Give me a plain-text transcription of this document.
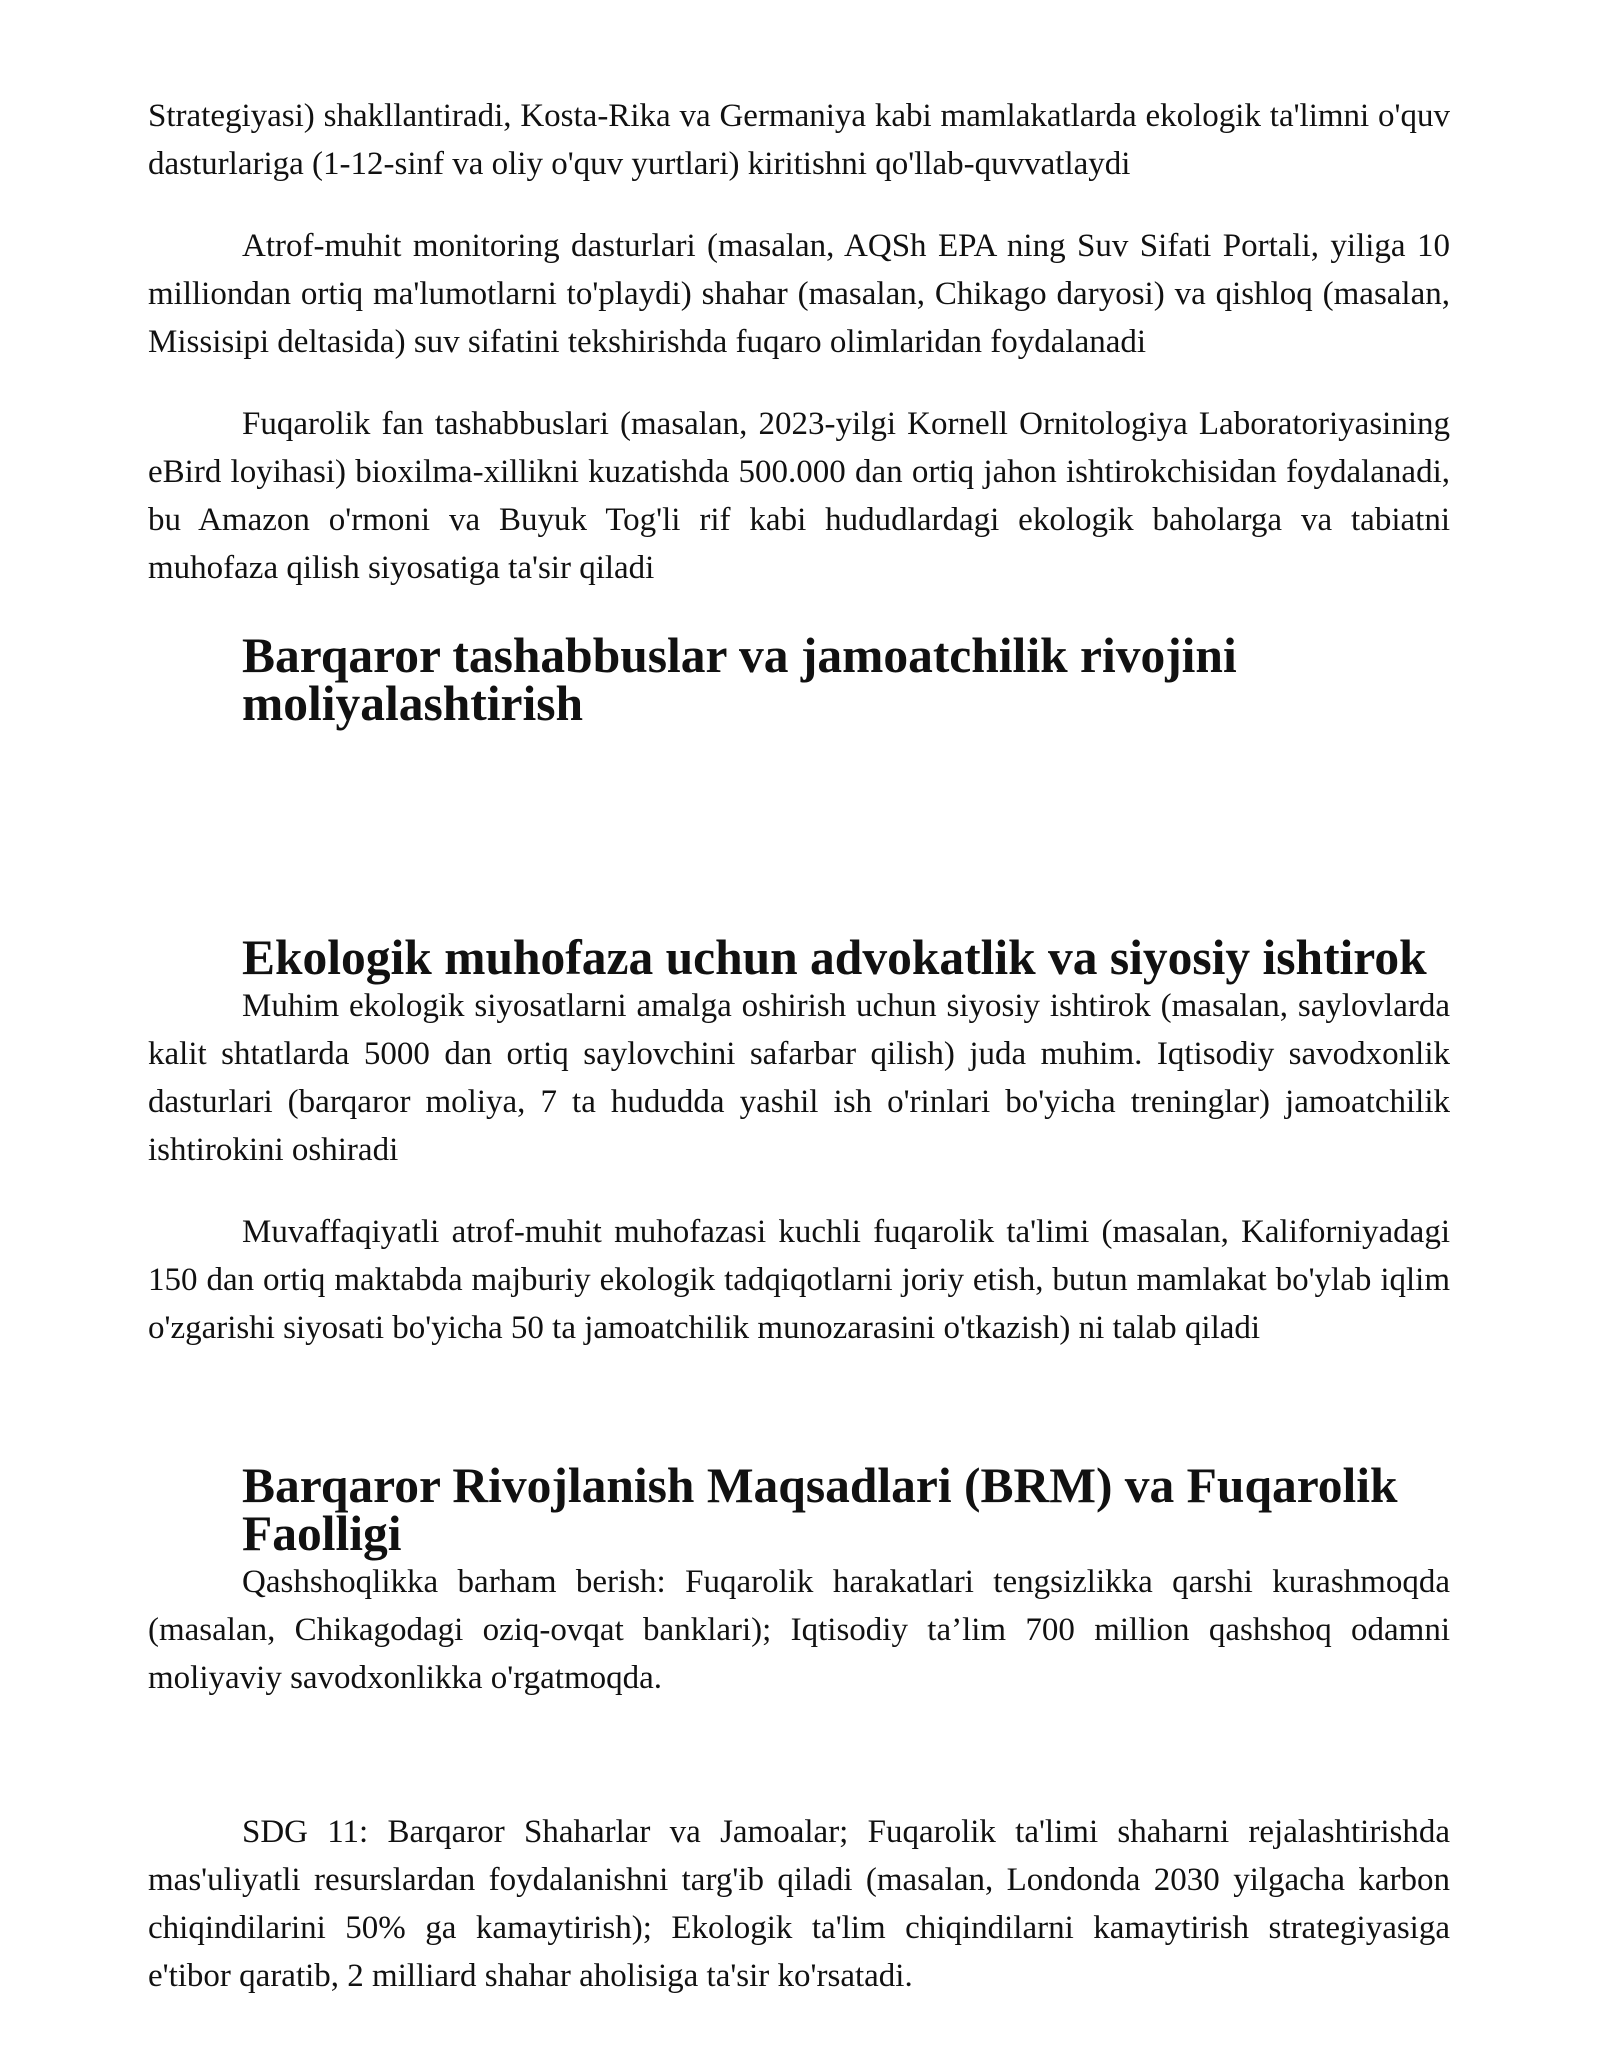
Strategiyasi) shakllantiradi, Kosta-Rika va Germaniya kabi mamlakatlarda ekologik ta'limni o'quv dasturlariga (1-12-sinf va oliy o'quv yurtlari) kiritishni qo'llab-quvvatlaydi

Atrof-muhit monitoring dasturlari (masalan, AQSh EPA ning Suv Sifati Portali, yiliga 10 milliondan ortiq ma'lumotlarni to'playdi) shahar (masalan, Chikago daryosi) va qishloq (masalan, Missisipi deltasida) suv sifatini tekshirishda fuqaro olimlaridan foydalanadi

Fuqarolik fan tashabbuslari (masalan, 2023-yilgi Kornell Ornitologiya Laboratoriyasining eBird loyihasi) bioxilma-xillikni kuzatishda 500.000 dan ortiq jahon ishtirokchisidan foydalanadi, bu Amazon o'rmoni va Buyuk Tog'li rif kabi hududlardagi ekologik baholarga va tabiatni muhofaza qilish siyosatiga ta'sir qiladi

Barqaror tashabbuslar va jamoatchilik rivojini moliyalashtirish
Ekologik muhofaza uchun advokatlik va siyosiy ishtirok

Muhim ekologik siyosatlarni amalga oshirish uchun siyosiy ishtirok (masalan, saylovlarda kalit shtatlarda 5000 dan ortiq saylovchini safarbar qilish) juda muhim. Iqtisodiy savodxonlik dasturlari (barqaror moliya, 7 ta hududda yashil ish o'rinlari bo'yicha treninglar) jamoatchilik ishtirokini oshiradi

Muvaffaqiyatli atrof-muhit muhofazasi kuchli fuqarolik ta'limi (masalan, Kaliforniyadagi 150 dan ortiq maktabda majburiy ekologik tadqiqotlarni joriy etish, butun mamlakat bo'ylab iqlim o'zgarishi siyosati bo'yicha 50 ta jamoatchilik munozarasini o'tkazish) ni talab qiladi

Barqaror Rivojlanish Maqsadlari (BRM) va Fuqarolik Faolligi

Qashshoqlikka barham berish: Fuqarolik harakatlari tengsizlikka qarshi kurashmoqda (masalan, Chikagodagi oziq-ovqat banklari); Iqtisodiy ta’lim 700 million qashshoq odamni moliyaviy savodxonlikka o'rgatmoqda.

SDG 11: Barqaror Shaharlar va Jamoalar; Fuqarolik ta'limi shaharni rejalashtirishda mas'uliyatli resurslardan foydalanishni targ'ib qiladi (masalan, Londonda 2030 yilgacha karbon chiqindilarini 50% ga kamaytirish); Ekologik ta'lim chiqindilarni kamaytirish strategiyasiga e'tibor qaratib, 2 milliard shahar aholisiga ta'sir ko'rsatadi.
